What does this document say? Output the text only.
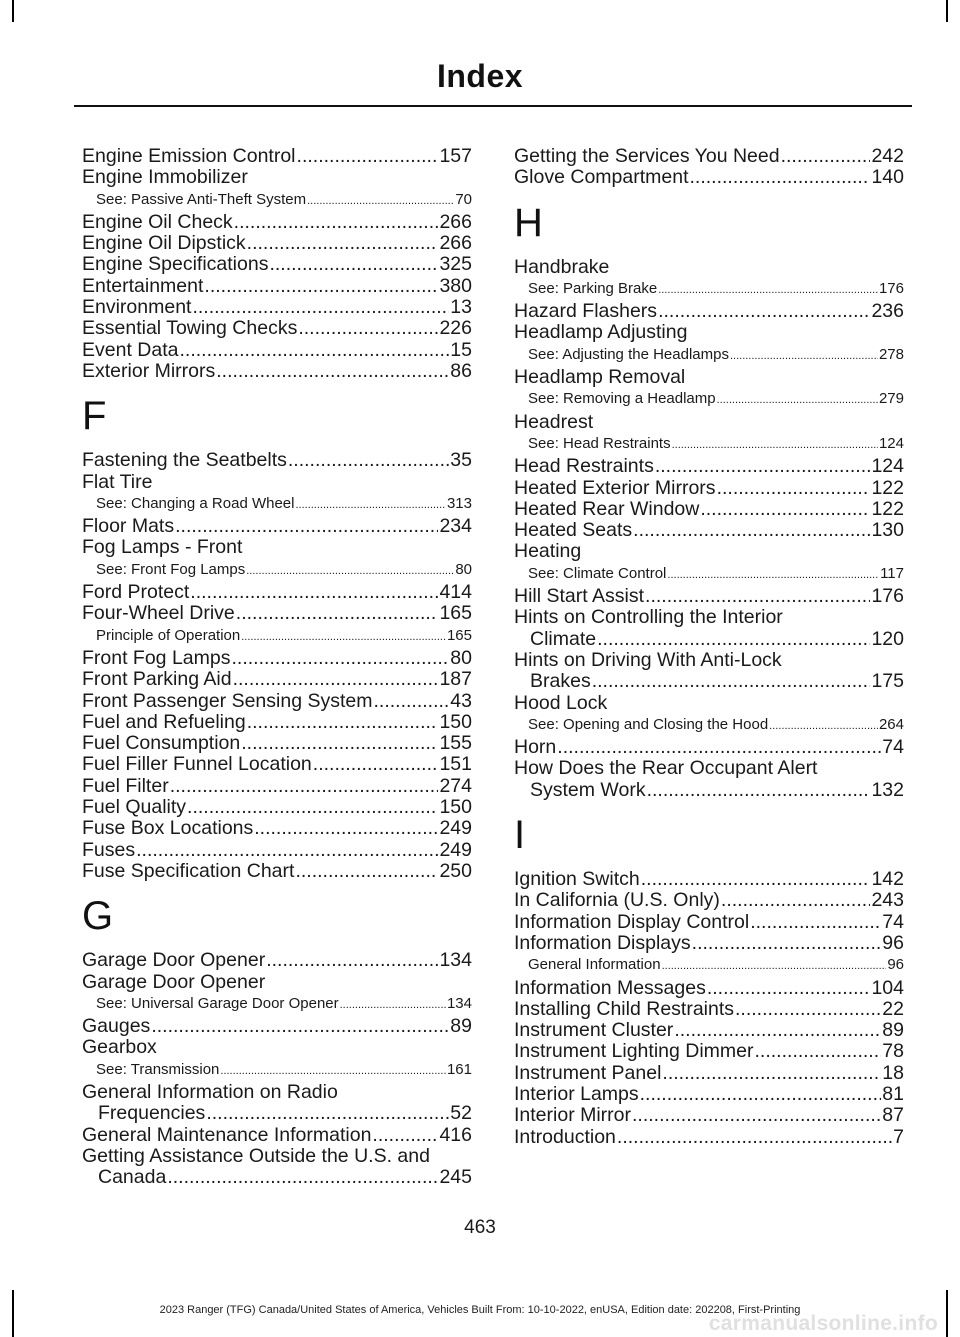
Index
Engine Emission Control .....	157
Engine Immobilizer
See: Passive Anti-Theft System .....	70
Engine Oil Check .....	266
Engine Oil Dipstick .....	266
Engine Specifications .....	325
Entertainment .....	380
Environment .....	13
Essential Towing Checks .....	226
Event Data .....	15
Exterior Mirrors .....	86
F
Fastening the Seatbelts .....	35
Flat Tire
See: Changing a Road Wheel .....	313
Floor Mats .....	234
Fog Lamps - Front
See: Front Fog Lamps .....	80
Ford Protect .....	414
Four-Wheel Drive .....	165
Principle of Operation .....	165
Front Fog Lamps .....	80
Front Parking Aid .....	187
Front Passenger Sensing System .....	43
Fuel and Refueling .....	150
Fuel Consumption .....	155
Fuel Filler Funnel Location .....	151
Fuel Filter .....	274
Fuel Quality .....	150
Fuse Box Locations .....	249
Fuses .....	249
Fuse Specification Chart .....	250
G
Garage Door Opener .....	134
Garage Door Opener
See: Universal Garage Door Opener .....	134
Gauges .....	89
Gearbox
See: Transmission .....	161
General Information on Radio
Frequencies .....	52
General Maintenance Information .....	416
Getting Assistance Outside the U.S. and
Canada .....	245
Getting the Services You Need .....	242
Glove Compartment .....	140
H
Handbrake
See: Parking Brake .....	176
Hazard Flashers .....	236
Headlamp Adjusting
See: Adjusting the Headlamps .....	278
Headlamp Removal
See: Removing a Headlamp .....	279
Headrest
See: Head Restraints .....	124
Head Restraints .....	124
Heated Exterior Mirrors .....	122
Heated Rear Window .....	122
Heated Seats .....	130
Heating
See: Climate Control .....	117
Hill Start Assist .....	176
Hints on Controlling the Interior
Climate .....	120
Hints on Driving With Anti-Lock
Brakes .....	175
Hood Lock
See: Opening and Closing the Hood .....	264
Horn .....	74
How Does the Rear Occupant Alert
System Work .....	132
I
Ignition Switch .....	142
In California (U.S. Only) .....	243
Information Display Control .....	74
Information Displays .....	96
General Information .....	96
Information Messages .....	104
Installing Child Restraints .....	22
Instrument Cluster .....	89
Instrument Lighting Dimmer .....	78
Instrument Panel .....	18
Interior Lamps .....	81
Interior Mirror .....	87
Introduction .....	7
463
2023 Ranger (TFG) Canada/United States of America, Vehicles Built From: 10-10-2022, enUSA, Edition date: 202208, First-Printing
carmanualsonline.info
